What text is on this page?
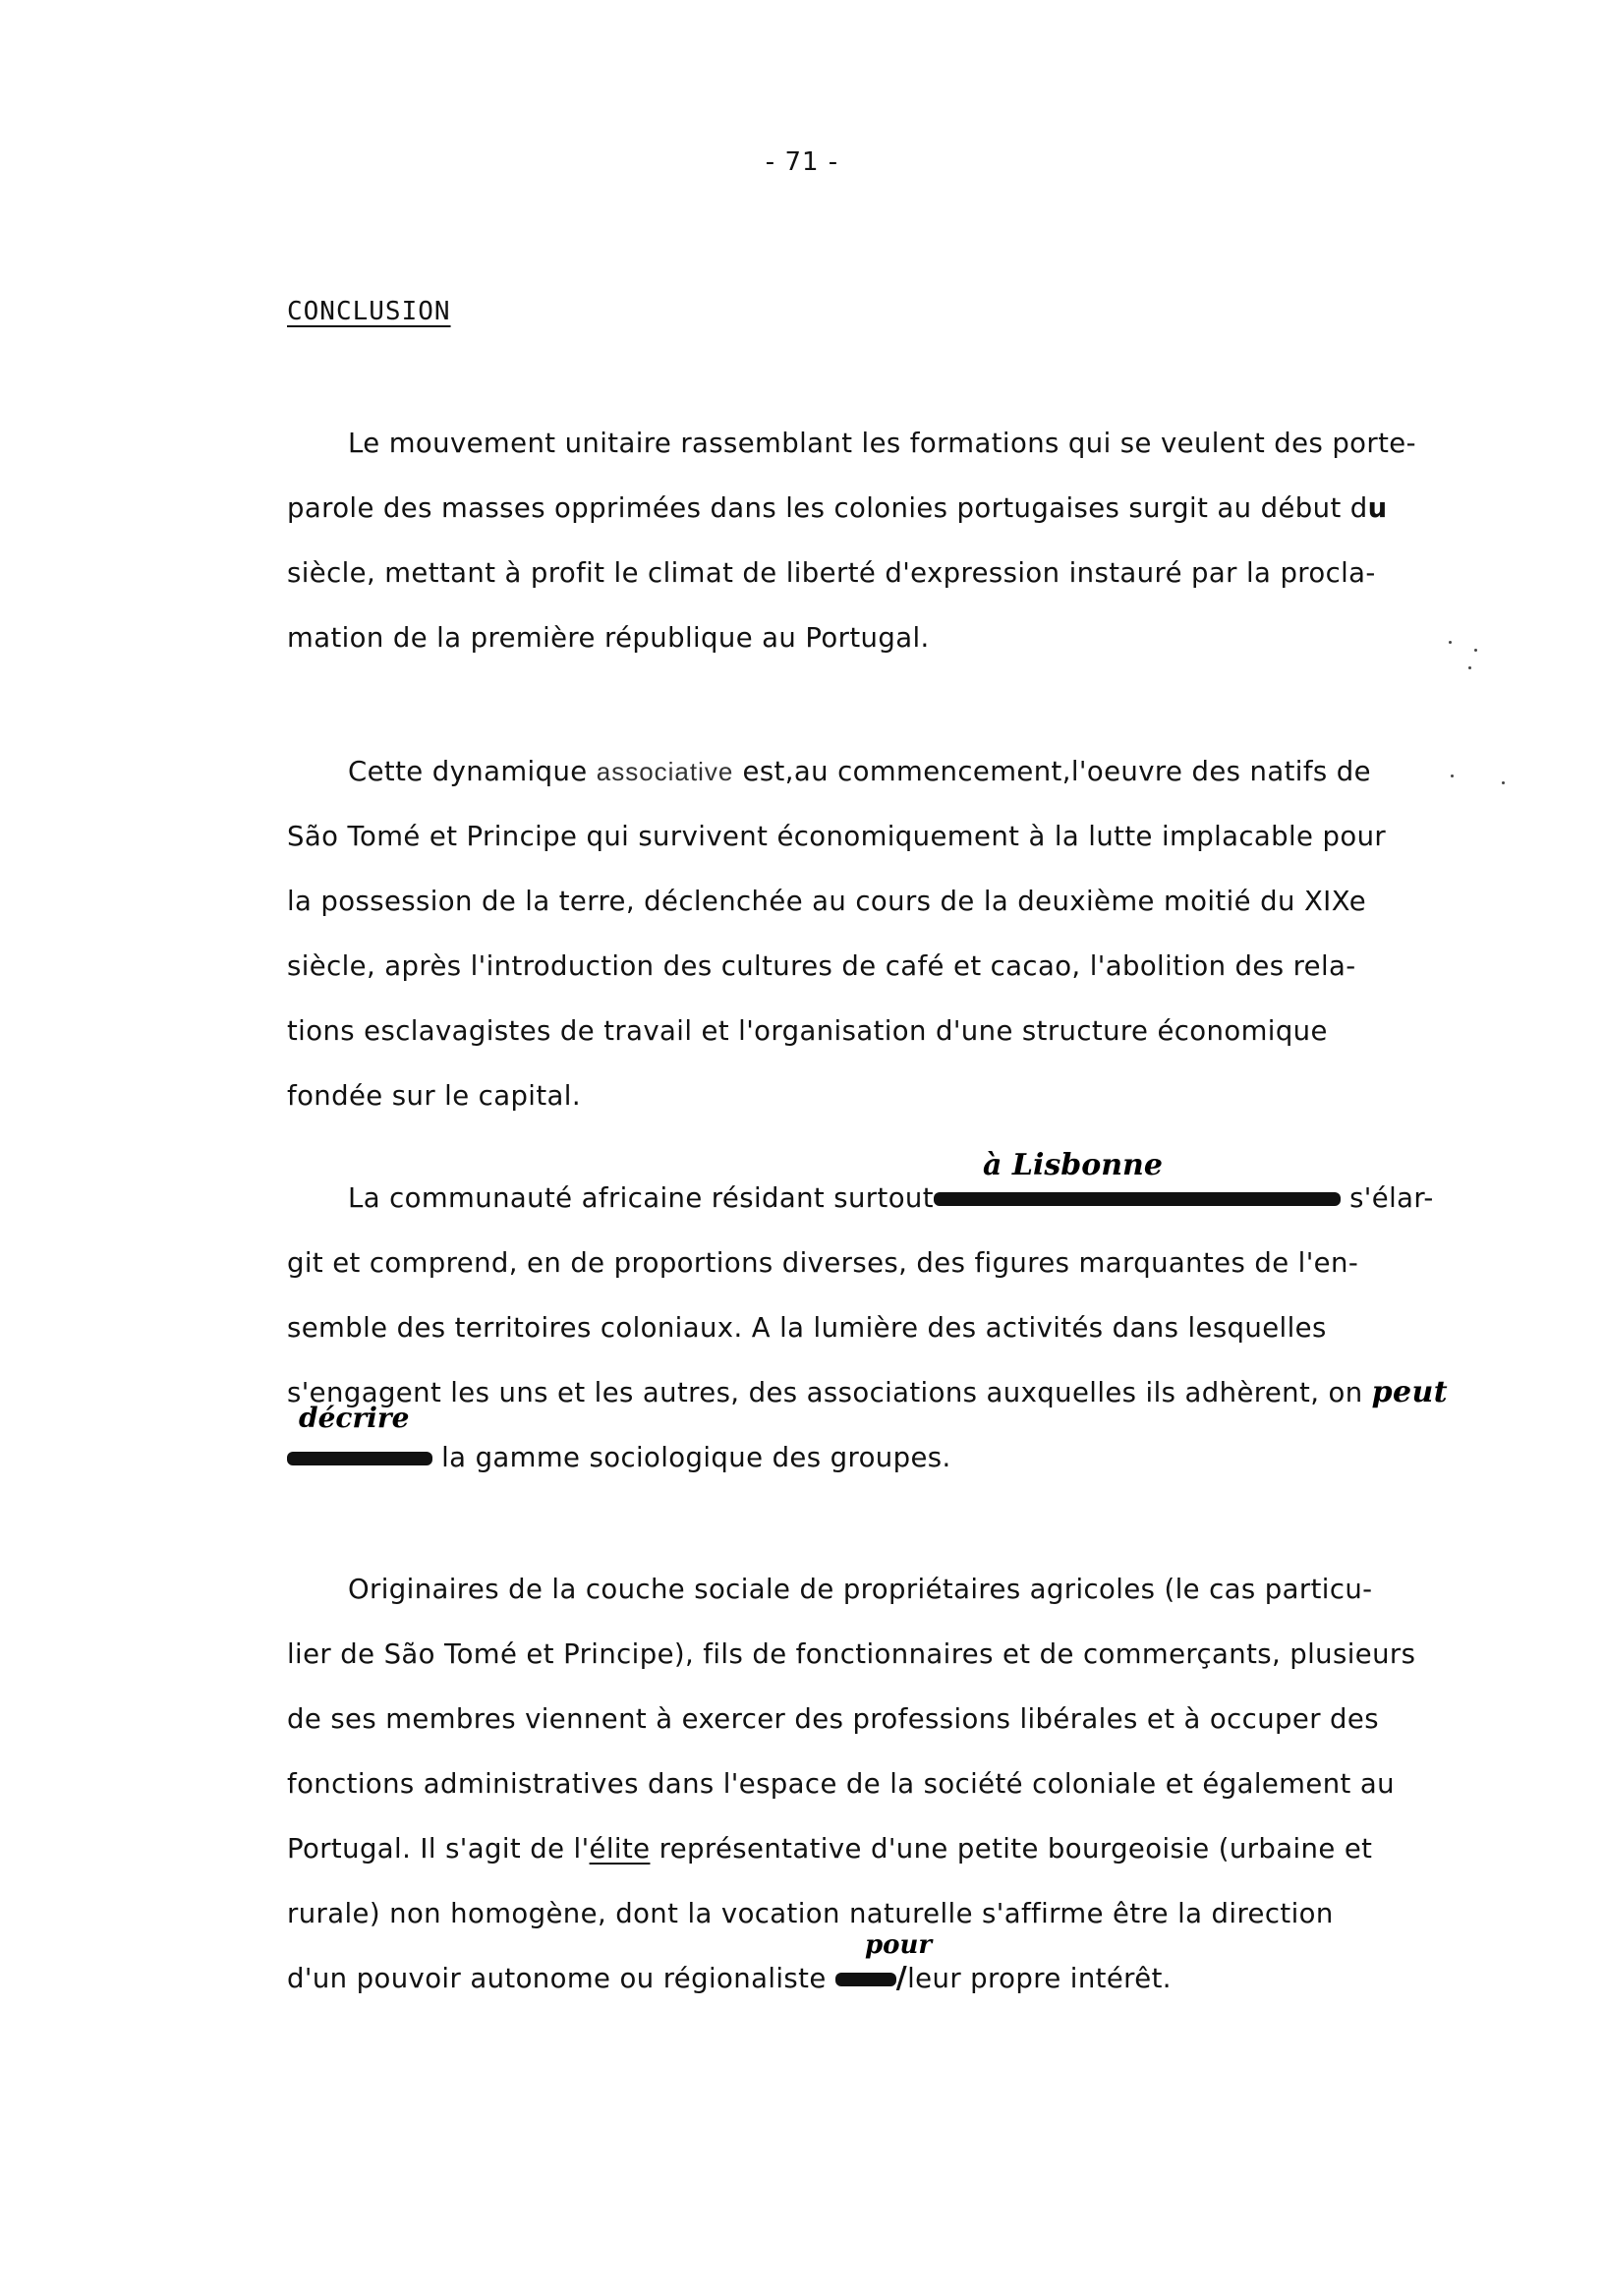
- 71 -
CONCLUSION
Le mouvement unitaire rassemblant les formations qui se veulent des porte-
parole des masses opprimées dans les colonies portugaises surgit au début du
siècle, mettant à profit le climat de liberté d'expression instauré par la procla-
mation de la première république au Portugal.
Cette dynamique associative est,au commencement,l'oeuvre des natifs de
São Tomé et Principe qui survivent économiquement à la lutte implacable pour
la possession de la terre, déclenchée au cours de la deuxième moitié du XIXe
siècle, après l'introduction des cultures de café et cacao, l'abolition des rela-
tions esclavagistes de travail et l'organisation d'une structure économique
fondée sur le capital.
à Lisbonne
La communauté africaine résidant surtout	s'élar-
git et comprend, en de proportions diverses, des figures marquantes de l'en-
semble des territoires coloniaux. A la lumière des activités dans lesquelles
s'engagent les uns et les autres, des associations auxquelles ils adhèrent, on peut
la gamme sociologique des groupes.
décrire
Originaires de la couche sociale de propriétaires agricoles (le cas particu-
lier de São Tomé et Principe), fils de fonctionnaires et de commerçants, plusieurs
de ses membres viennent à exercer des professions libérales et à occuper des
fonctions administratives dans l'espace de la société coloniale et également au
Portugal. Il s'agit de l'élite représentative d'une petite bourgeoisie (urbaine et
rurale) non homogène, dont la vocation naturelle s'affirme être la direction
d'un pouvoir autonome ou régionaliste /leur propre intérêt.
pour
